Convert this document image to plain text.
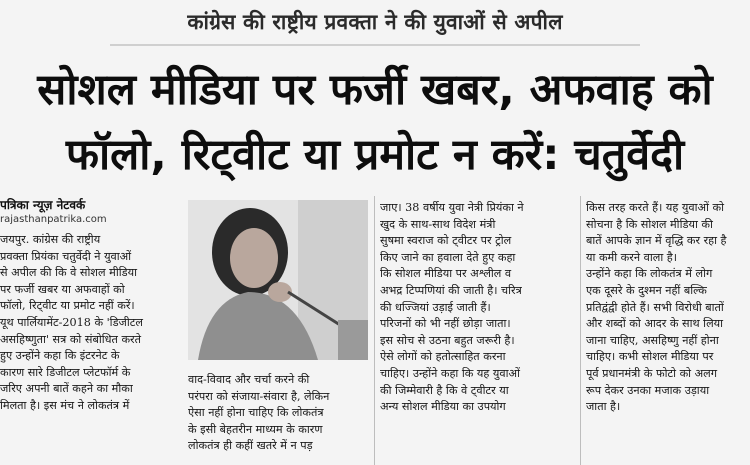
कांग्रेस की राष्ट्रीय प्रवक्ता ने की युवाओं से अपील
सोशल मीडिया पर फर्जी खबर, अफवाह को
फॉलो, रिट्वीट या प्रमोट न करें: चतुर्वेदी
पत्रिका न्यूज़ नेटवर्क
rajasthanpatrika.com

जयपुर. कांग्रेस की राष्ट्रीय

प्रवक्ता प्रियंका चतुर्वेदी ने युवाओं

से अपील की कि वे सोशल मीडिया

पर फर्जी खबर या अफवाहों को

फॉलो, रिट्वीट या प्रमोट नहीं करें।

यूथ पार्लियामेंट-2018 के 'डिजीटल

असहिष्णुता' सत्र को संबोधित करते

हुए उन्होंने कहा कि इंटरनेट के

कारण सारे डिजीटल प्लेटफॉर्म के

जरिए अपनी बातें कहने का मौका

मिलता है। इस मंच ने लोकतंत्र में

वाद-विवाद और चर्चा करने की

परंपरा को संजाया-संवारा है, लेकिन

ऐसा नहीं होना चाहिए कि लोकतंत्र

के इसी बेहतरीन माध्यम के कारण

लोकतंत्र ही कहीं खतरे में न पड़

जाए। 38 वर्षीय युवा नेत्री प्रियंका ने

खुद के साथ-साथ विदेश मंत्री

सुषमा स्वराज को ट्वीटर पर ट्रोल

किए जाने का हवाला देते हुए कहा

कि सोशल मीडिया पर अश्लील व

अभद्र टिप्पणियां की जाती है। चरित्र

की धज्जियां उड़ाई जाती हैं।

परिजनों को भी नहीं छोड़ा जाता।

इस सोच से उठना बहुत जरूरी है।

ऐसे लोगों को हतोत्साहित करना

चाहिए। उन्होंने कहा कि यह युवाओं

की जिम्मेवारी है कि वे ट्वीटर या

अन्य सोशल मीडिया का उपयोग

किस तरह करते हैं। यह युवाओं को

सोचना है कि सोशल मीडिया की

बातें आपके ज्ञान में वृद्धि कर रहा है

या कमी करने वाला है।

उन्होंने कहा कि लोकतंत्र में लोग

एक दूसरे के दुश्मन नहीं बल्कि

प्रतिद्वंद्वी होते हैं। सभी विरोधी बातों

और शब्दों को आदर के साथ लिया

जाना चाहिए, असहिष्णु नहीं होना

चाहिए। कभी सोशल मीडिया पर

पूर्व प्रधानमंत्री के फोटो को अलग

रूप देकर उनका मजाक उड़ाया

जाता है।
